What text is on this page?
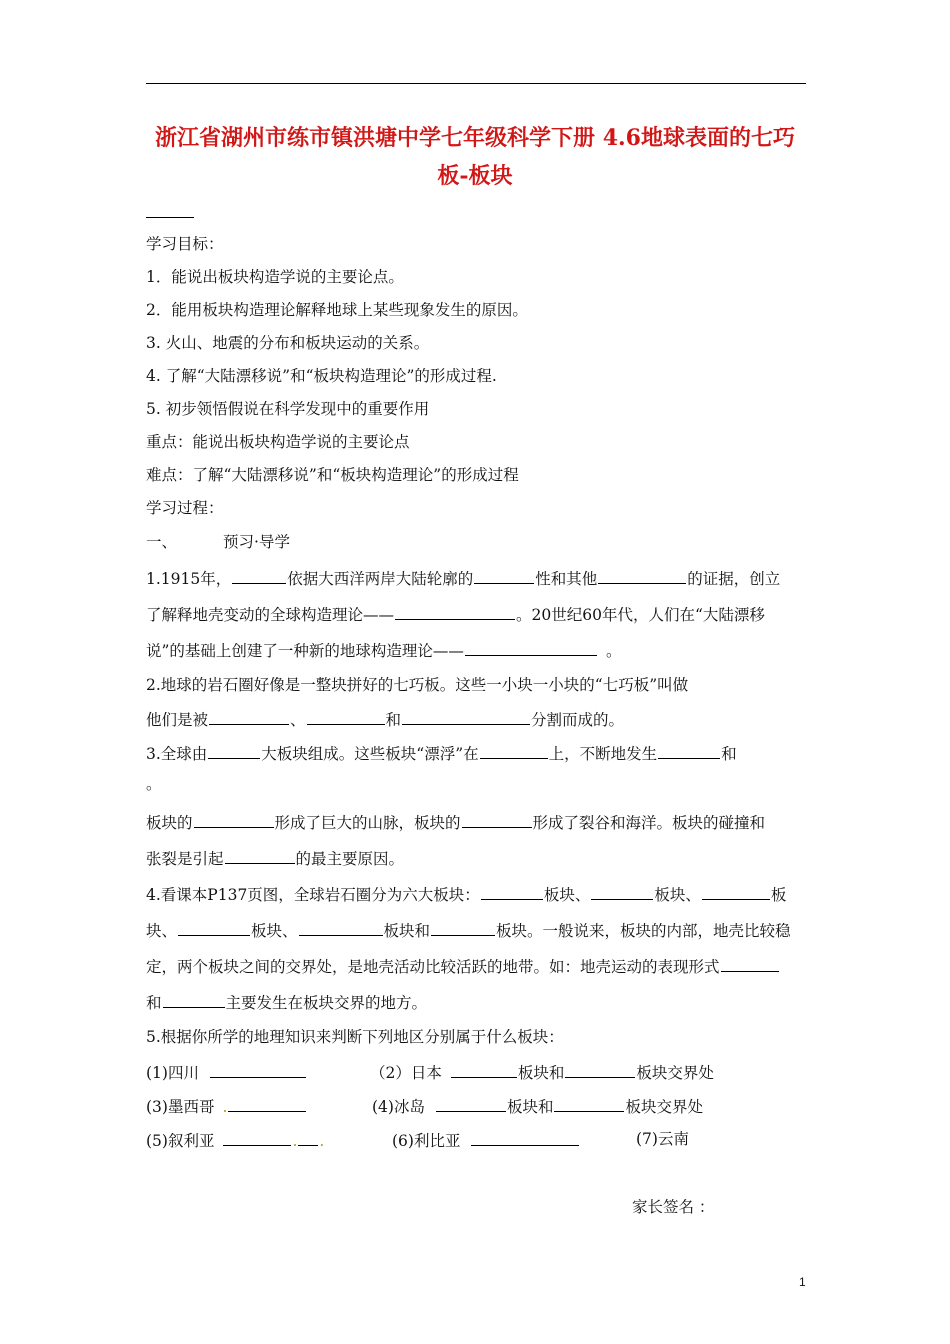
浙江省湖州市练市镇洪塘中学七年级科学下册 4.6地球表面的七巧
板-板块
学习目标：
1．能说出板块构造学说的主要论点。
2．能用板块构造理论解释地球上某些现象发生的原因。
3. 火山、地震的分布和板块运动的关系。
4. 了解“大陆漂移说”和“板块构造理论”的形成过程.
5. 初步领悟假说在科学发现中的重要作用
重点：能说出板块构造学说的主要论点
难点：了解“大陆漂移说”和“板块构造理论”的形成过程
学习过程：
一、	预习·导学
1.1915年，	依据大西洋两岸大陆轮廓的	性和其他	的证据，创立
了解释地壳变动的全球构造理论——	。20世纪60年代，人们在“大陆漂移
说”的基础上创建了一种新的地球构造理论——	。
2.地球的岩石圈好像是一整块拼好的七巧板。这些一小块一小块的“七巧板”叫做
他们是被	、	和	分割而成的。
3.全球由	大板块组成。这些板块“漂浮”在	上，不断地发生	和
。
板块的	形成了巨大的山脉，板块的	形成了裂谷和海洋。板块的碰撞和
张裂是引起	的最主要原因。
4.看课本P137页图，全球岩石圈分为六大板块：	板块、	板块、	板
块、	板块、	板块和	板块。一般说来，板块的内部，地壳比较稳
定，两个板块之间的交界处，是地壳活动比较活跃的地带。如：地壳运动的表现形式
和	主要发生在板块交界的地方。
5.根据你所学的地理知识来判断下列地区分别属于什么板块：
(1)四川	（2）日本	板块和	板块交界处
(3)墨西哥 .	(4)冰岛	板块和	板块交界处
(5)叙利亚	. .	(6)利比亚	(7)云南
家长签名 ：
1
